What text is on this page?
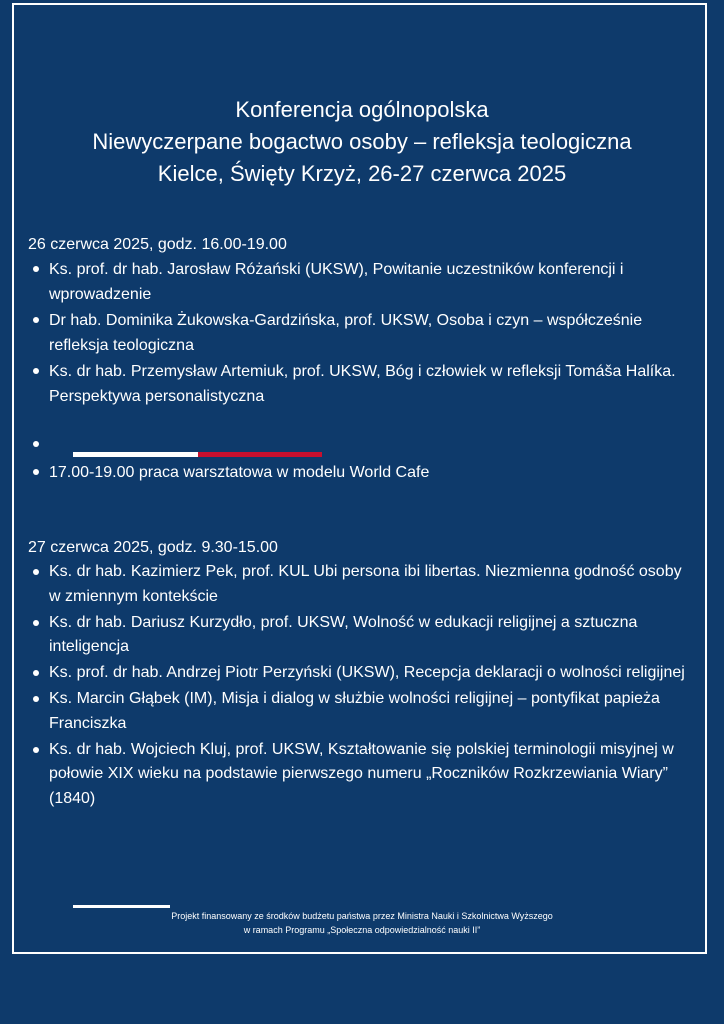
Konferencja ogólnopolska
Niewyczerpane bogactwo osoby – refleksja teologiczna
Kielce, Święty Krzyż, 26-27 czerwca 2025
26 czerwca 2025, godz. 16.00-19.00
Ks. prof. dr hab. Jarosław Różański (UKSW), Powitanie uczestników konferencji i wprowadzenie
Dr hab. Dominika Żukowska-Gardzińska, prof. UKSW, Osoba i czyn – współcześnie refleksja teologiczna
Ks. dr hab. Przemysław Artemiuk, prof. UKSW, Bóg i człowiek w refleksji Tomáša Halíka. Perspektywa personalistyczna
17.00-19.00 praca warsztatowa w modelu World Cafe
27 czerwca 2025, godz. 9.30-15.00
Ks. dr hab. Kazimierz Pek, prof. KUL Ubi persona ibi libertas. Niezmienna godność osoby w zmiennym kontekście
Ks. dr hab. Dariusz Kurzydło, prof. UKSW, Wolność w edukacji religijnej a sztuczna inteligencja
Ks. prof. dr hab. Andrzej Piotr Perzyński (UKSW), Recepcja deklaracji o wolności religijnej
Ks. Marcin Głąbek (IM), Misja i dialog w służbie wolności religijnej – pontyfikat papieża Franciszka
Ks. dr hab. Wojciech Kluj, prof. UKSW, Kształtowanie się polskiej terminologii misyjnej w połowie XIX wieku na podstawie pierwszego numeru „Roczników Rozkrzewiania Wiary” (1840)
Projekt finansowany ze środków budżetu państwa przez Ministra Nauki i Szkolnictwa Wyższego
w ramach Programu „Społeczna odpowiedzialność nauki II”
